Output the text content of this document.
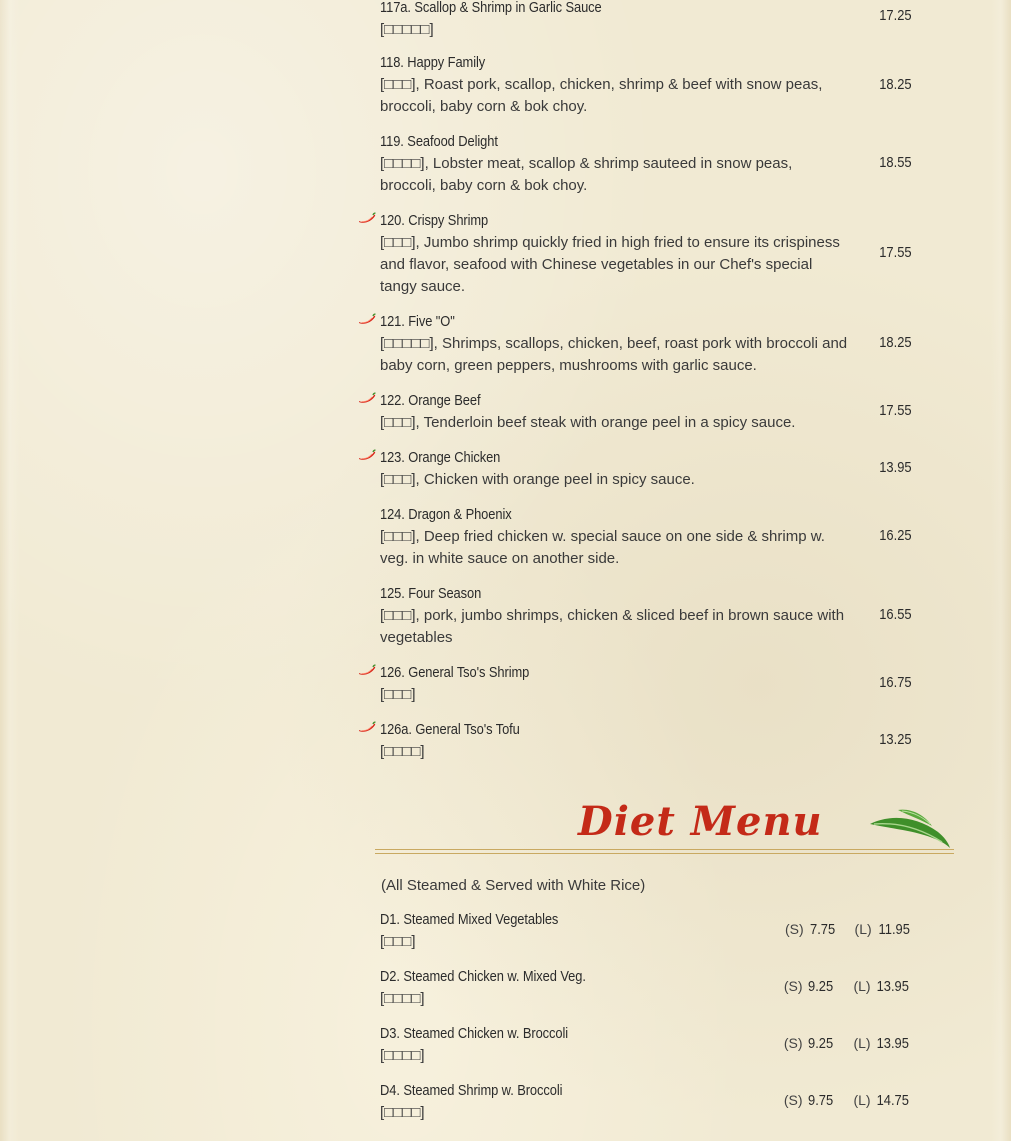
117a. Scallop & Shrimp in Garlic Sauce
[□□□□□]
17.25
118. Happy Family
[□□□], Roast pork, scallop, chicken, shrimp & beef with snow peas, broccoli, baby corn & bok choy.
18.25
119. Seafood Delight
[□□□□], Lobster meat, scallop & shrimp sauteed in snow peas, broccoli, baby corn & bok choy.
18.55
120. Crispy Shrimp
[□□□], Jumbo shrimp quickly fried in high fried to ensure its crispiness and flavor, seafood with Chinese vegetables in our Chef's special tangy sauce.
17.55
121. Five "O"
[□□□□□], Shrimps, scallops, chicken, beef, roast pork with broccoli and baby corn, green peppers, mushrooms with garlic sauce.
18.25
122. Orange Beef
[□□□], Tenderloin beef steak with orange peel in a spicy sauce.
17.55
123. Orange Chicken
[□□□], Chicken with orange peel in spicy sauce.
13.95
124. Dragon & Phoenix
[□□□], Deep fried chicken w. special sauce on one side & shrimp w. veg. in white sauce on another side.
16.25
125. Four Season
[□□□], pork, jumbo shrimps, chicken & sliced beef in brown sauce with vegetables
16.55
126. General Tso's Shrimp
[□□□]
16.75
126a. General Tso's Tofu
[□□□□]
13.25
Diet Menu
(All Steamed & Served with White Rice)
D1. Steamed Mixed Vegetables
[□□□]
(S) 7.75 (L) 11.95
D2. Steamed Chicken w. Mixed Veg.
[□□□□]
(S) 9.25 (L) 13.95
D3. Steamed Chicken w. Broccoli
[□□□□]
(S) 9.25 (L) 13.95
D4. Steamed Shrimp w. Broccoli
[□□□□]
(S) 9.75 (L) 14.75
